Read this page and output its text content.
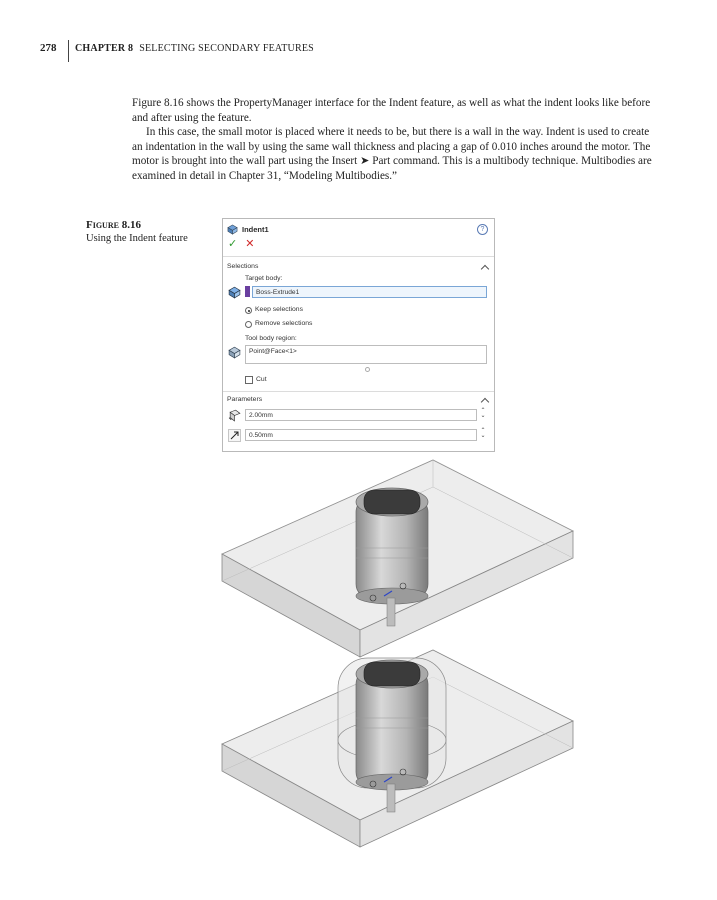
278	CHAPTER 8 SELECTING SECONDARY FEATURES

Figure 8.16 shows the PropertyManager interface for the Indent feature, as well as what the indent looks like before and after using the feature.

In this case, the small motor is placed where it needs to be, but there is a wall in the way. Indent is used to create an indentation in the wall by using the same wall thickness and placing a gap of 0.010 inches around the motor. The motor is brought into the wall part using the Insert ➤ Part command. This is a multibody technique. Multibodies are examined in detail in Chapter 31, “Modeling Multibodies.”

Figure 8.16
Using the Indent feature
Indent1	?
✓ ✕
Selections
Target body:
Boss-Extrude1
Keep selections
Remove selections
Tool body region:
Point@Face<1>
Cut
Parameters
2.00mm
⌃
⌄
0.50mm
⌃
⌄
